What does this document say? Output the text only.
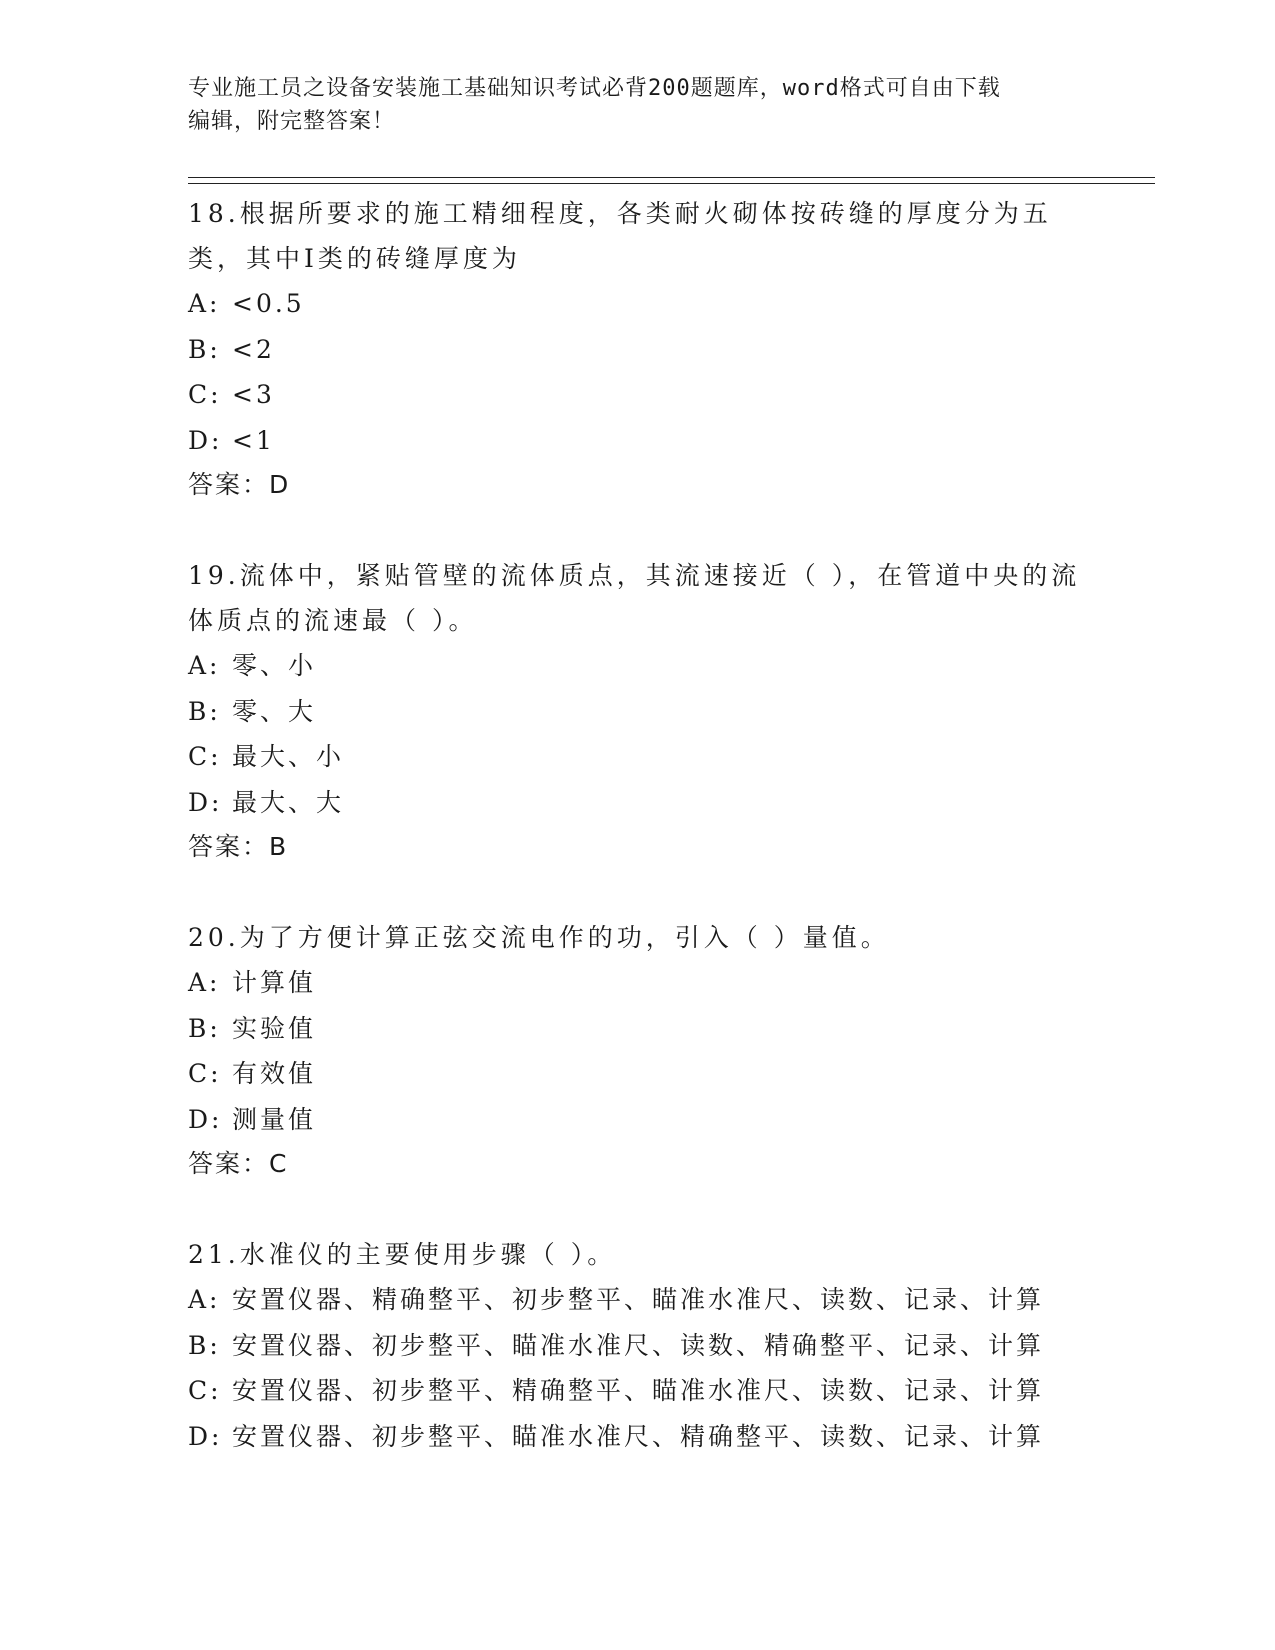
专业施工员之设备安装施工基础知识考试必背200题题库，word格式可自由下载
编辑，附完整答案！
18.根据所要求的施工精细程度，各类耐火砌体按砖缝的厚度分为五类，其中I类的砖缝厚度为
A: <0.5
B: <2
C: <3
D: <1
答案：D
19.流体中，紧贴管壁的流体质点，其流速接近（ ），在管道中央的流体质点的流速最（ ）。
A: 零、小
B: 零、大
C: 最大、小
D: 最大、大
答案：B
20.为了方便计算正弦交流电作的功，引入（ ）量值。
A: 计算值
B: 实验值
C: 有效值
D: 测量值
答案：C
21.水准仪的主要使用步骤（ ）。
A: 安置仪器、精确整平、初步整平、瞄准水准尺、读数、记录、计算
B: 安置仪器、初步整平、瞄准水准尺、读数、精确整平、记录、计算
C: 安置仪器、初步整平、精确整平、瞄准水准尺、读数、记录、计算
D: 安置仪器、初步整平、瞄准水准尺、精确整平、读数、记录、计算
